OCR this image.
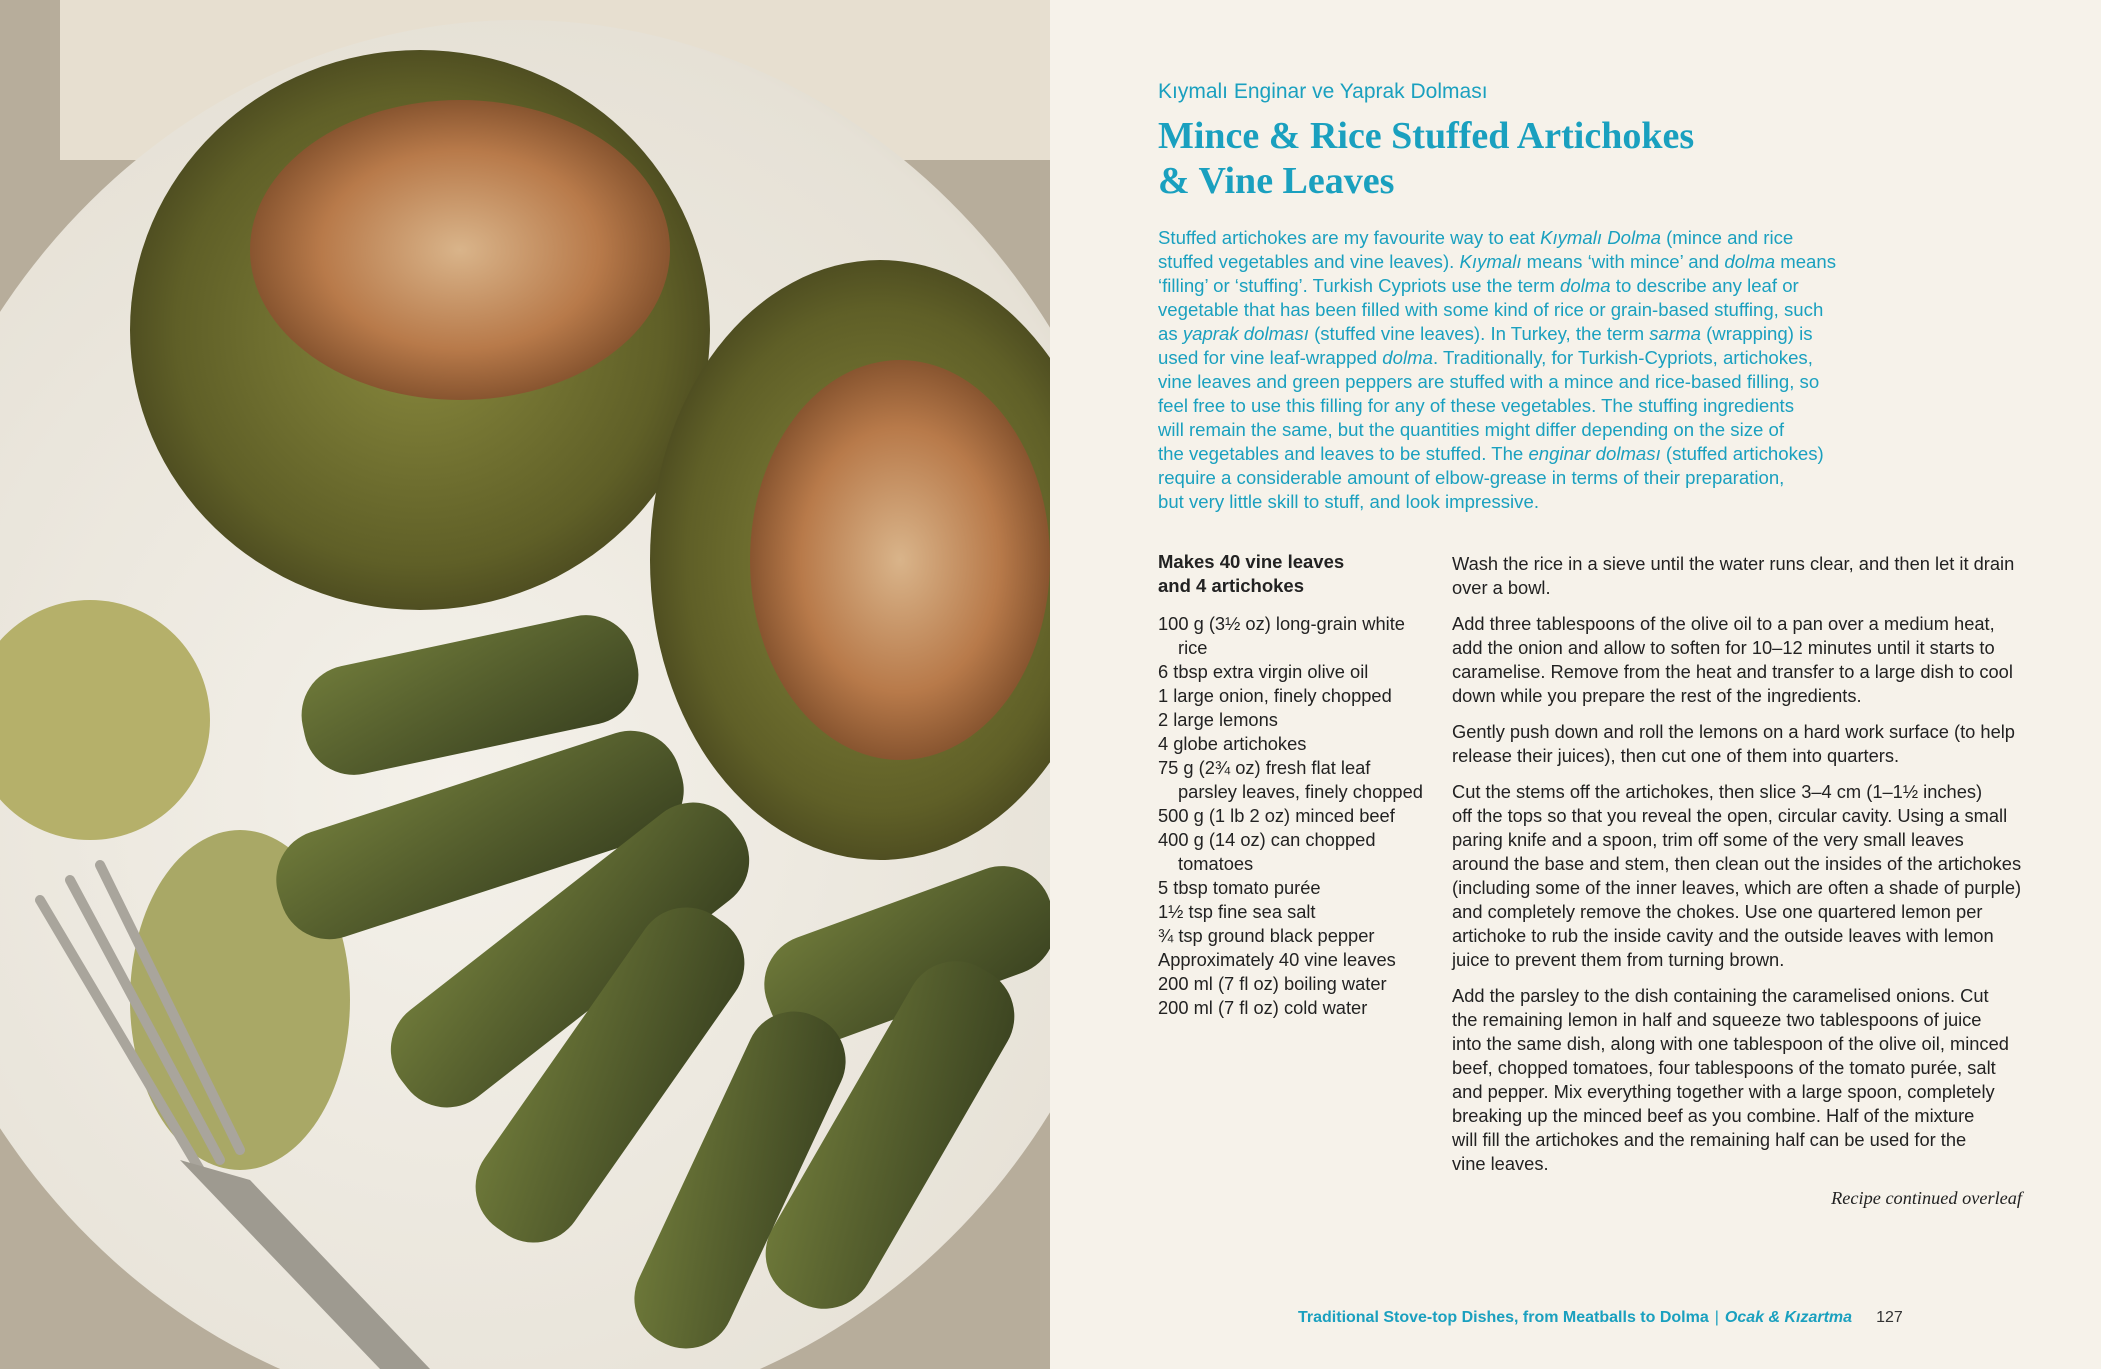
Kıymalı Enginar ve Yaprak Dolması
Mince & Rice Stuffed Artichokes
& Vine Leaves
Stuffed artichokes are my favourite way to eat Kıymalı Dolma (mince and rice
stuffed vegetables and vine leaves). Kıymalı means ‘with mince’ and dolma means
‘filling’ or ‘stuffing’. Turkish Cypriots use the term dolma to describe any leaf or
vegetable that has been filled with some kind of rice or grain-based stuffing, such
as yaprak dolması (stuffed vine leaves). In Turkey, the term sarma (wrapping) is
used for vine leaf-wrapped dolma. Traditionally, for Turkish-Cypriots, artichokes,
vine leaves and green peppers are stuffed with a mince and rice-based filling, so
feel free to use this filling for any of these vegetables. The stuffing ingredients
will remain the same, but the quantities might differ depending on the size of
the vegetables and leaves to be stuffed. The enginar dolması (stuffed artichokes)
require a considerable amount of elbow-grease in terms of their preparation,
but very little skill to stuff, and look impressive.
Makes 40 vine leaves
and 4 artichokes
100 g (3½ oz) long-grain white
rice
6 tbsp extra virgin olive oil
1 large onion, finely chopped
2 large lemons
4 globe artichokes
75 g (2¾ oz) fresh flat leaf
parsley leaves, finely chopped
500 g (1 lb 2 oz) minced beef
400 g (14 oz) can chopped
tomatoes
5 tbsp tomato purée
1½ tsp fine sea salt
¾ tsp ground black pepper
Approximately 40 vine leaves
200 ml (7 fl oz) boiling water
200 ml (7 fl oz) cold water
Wash the rice in a sieve until the water runs clear, and then let it drain
over a bowl.
Add three tablespoons of the olive oil to a pan over a medium heat,
add the onion and allow to soften for 10–12 minutes until it starts to
caramelise. Remove from the heat and transfer to a large dish to cool
down while you prepare the rest of the ingredients.
Gently push down and roll the lemons on a hard work surface (to help
release their juices), then cut one of them into quarters.
Cut the stems off the artichokes, then slice 3–4 cm (1–1½ inches)
off the tops so that you reveal the open, circular cavity. Using a small
paring knife and a spoon, trim off some of the very small leaves
around the base and stem, then clean out the insides of the artichokes
(including some of the inner leaves, which are often a shade of purple)
and completely remove the chokes. Use one quartered lemon per
artichoke to rub the inside cavity and the outside leaves with lemon
juice to prevent them from turning brown.
Add the parsley to the dish containing the caramelised onions. Cut
the remaining lemon in half and squeeze two tablespoons of juice
into the same dish, along with one tablespoon of the olive oil, minced
beef, chopped tomatoes, four tablespoons of the tomato purée, salt
and pepper. Mix everything together with a large spoon, completely
breaking up the minced beef as you combine. Half of the mixture
will fill the artichokes and the remaining half can be used for the
vine leaves.
Recipe continued overleaf
Traditional Stove-top Dishes, from Meatballs to Dolma | Ocak & Kızartma 127
